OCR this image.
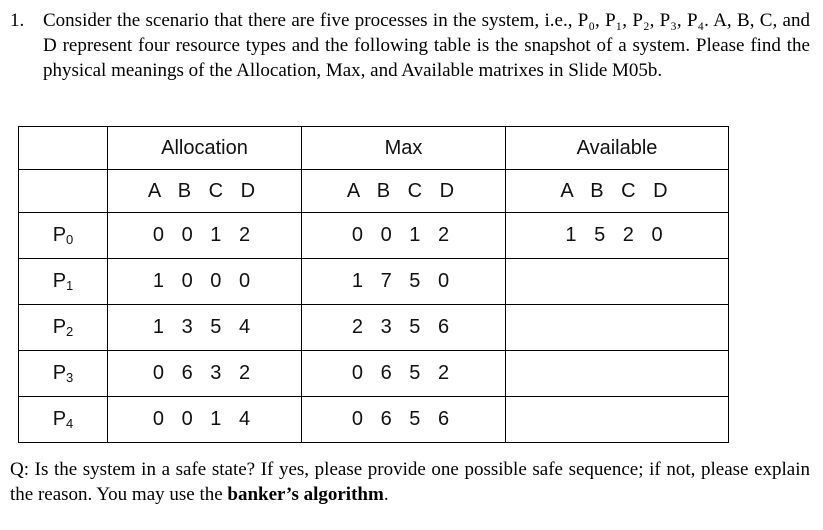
1. Consider the scenario that there are five processes in the system, i.e., P₀, P₁, P₂, P₃, P₄. A, B, C, and D represent four resource types and the following table is the snapshot of a system. Please find the physical meanings of the Allocation, Max, and Available matrixes in Slide M05b.
	Allocation	Max	Available
	A B C D	A B C D	A B C D
$P_0$	0 0 1 2	0 0 1 2	1 5 2 0
$P_1$	1 0 0 0	1 7 5 0	
$P_2$	1 3 5 4	2 3 5 6	
$P_3$	0 6 3 2	0 6 5 2	
$P_4$	0 0 1 4	0 6 5 6	
Q: Is the system in a safe state? If yes, please provide one possible safe sequence; if not, please explain the reason. You may use the banker’s algorithm.
